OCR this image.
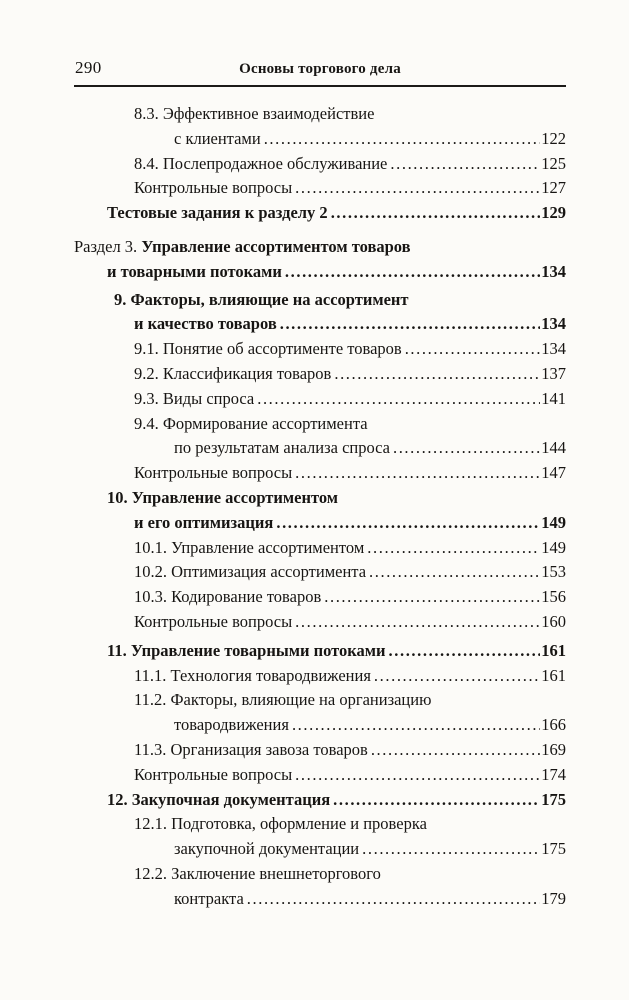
290	Основы торгового дела
8.3. Эффективное взаимодействие
с клиентами .....	122
8.4. Послепродажное обслуживание .....	125
Контрольные вопросы .....	127
Тестовые задания к разделу 2 .....	129
Раздел 3. Управление ассортиментом товаров
и товарными потоками .....	134
9. Факторы, влияющие на ассортимент
и качество товаров .....	134
9.1. Понятие об ассортименте товаров .....	134
9.2. Классификация товаров .....	137
9.3. Виды спроса .....	141
9.4. Формирование ассортимента
по результатам анализа спроса .....	144
Контрольные вопросы .....	147
10. Управление ассортиментом
и его оптимизация .....	149
10.1. Управление ассортиментом .....	149
10.2. Оптимизация ассортимента .....	153
10.3. Кодирование товаров .....	156
Контрольные вопросы .....	160
11. Управление товарными потоками .....	161
11.1. Технология товародвижения .....	161
11.2. Факторы, влияющие на организацию
товародвижения .....	166
11.3. Организация завоза товаров .....	169
Контрольные вопросы .....	174
12. Закупочная документация .....	175
12.1. Подготовка, оформление и проверка
закупочной документации .....	175
12.2. Заключение внешнеторгового
контракта .....	179
